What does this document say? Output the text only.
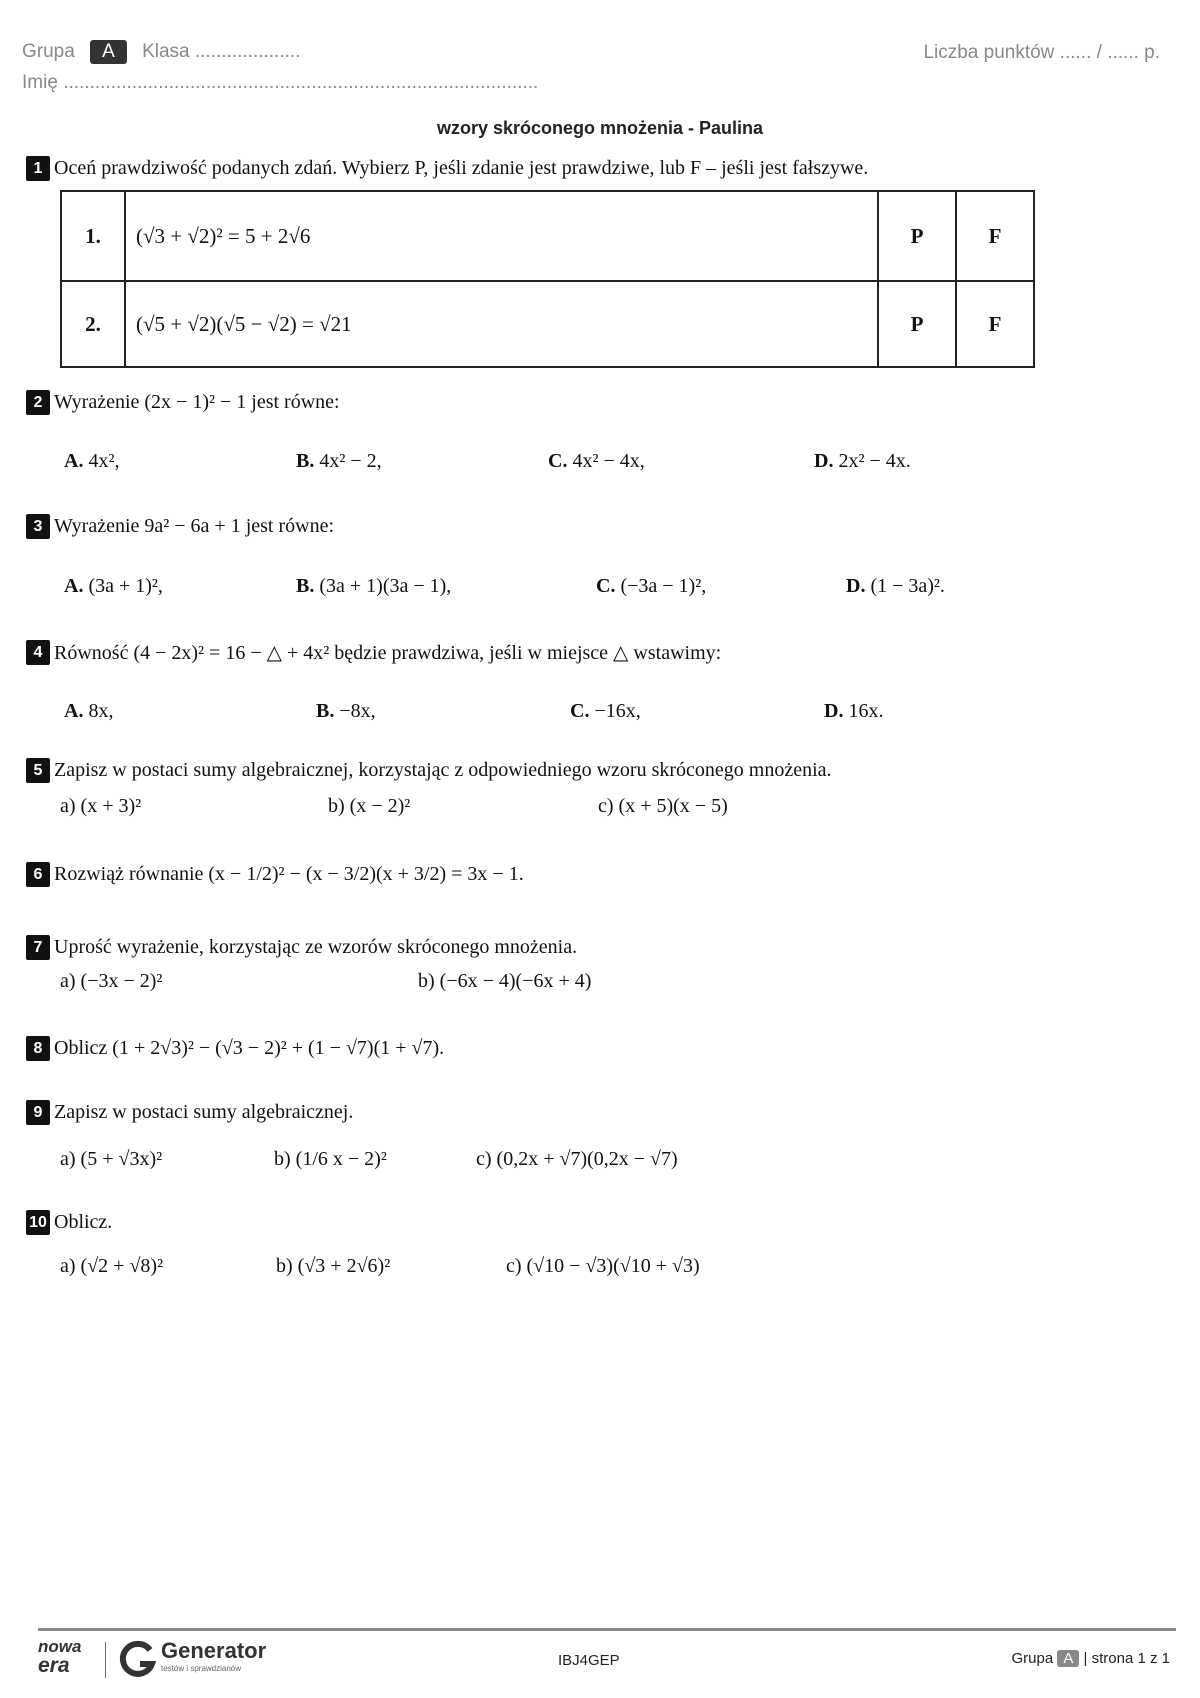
Grupa A Klasa ....................	Liczba punktów ...... / ...... p.
Imię ..........................................................................................
wzory skróconego mnożenia - Paulina
1 Oceń prawdziwość podanych zdań. Wybierz P, jeśli zdanie jest prawdziwe, lub F – jeśli jest fałszywe.
1.	(√3 + √2)² = 5 + 2√6	P	F
2.	(√5 + √2)(√5 − √2) = √21	P	F
2 Wyrażenie (2x − 1)² − 1 jest równe:
A. 4x²,	B. 4x² − 2,	C. 4x² − 4x,	D. 2x² − 4x.
3 Wyrażenie 9a² − 6a + 1 jest równe:
A. (3a + 1)²,	B. (3a + 1)(3a − 1),	C. (−3a − 1)²,	D. (1 − 3a)².
4 Równość (4 − 2x)² = 16 − △ + 4x² będzie prawdziwa, jeśli w miejsce △ wstawimy:
A. 8x,	B. −8x,	C. −16x,	D. 16x.
5 Zapisz w postaci sumy algebraicznej, korzystając z odpowiedniego wzoru skróconego mnożenia.
a) (x + 3)²	b) (x − 2)²	c) (x + 5)(x − 5)
6 Rozwiąż równanie (x − 1/2)² − (x − 3/2)(x + 3/2) = 3x − 1.
7 Uprość wyrażenie, korzystając ze wzorów skróconego mnożenia.
a) (−3x − 2)²	b) (−6x − 4)(−6x + 4)
8 Oblicz (1 + 2√3)² − (√3 − 2)² + (1 − √7)(1 + √7).
9 Zapisz w postaci sumy algebraicznej.
a) (5 + √3x)²	b) (1/6 x − 2)²	c) (0,2x + √7)(0,2x − √7)
10 Oblicz.
a) (√2 + √8)²	b) (√3 + 2√6)²	c) (√10 − √3)(√10 + √3)
nowa
era
Generator
testów i sprawdzianów	IBJ4GEP	Grupa A | strona 1 z 1
